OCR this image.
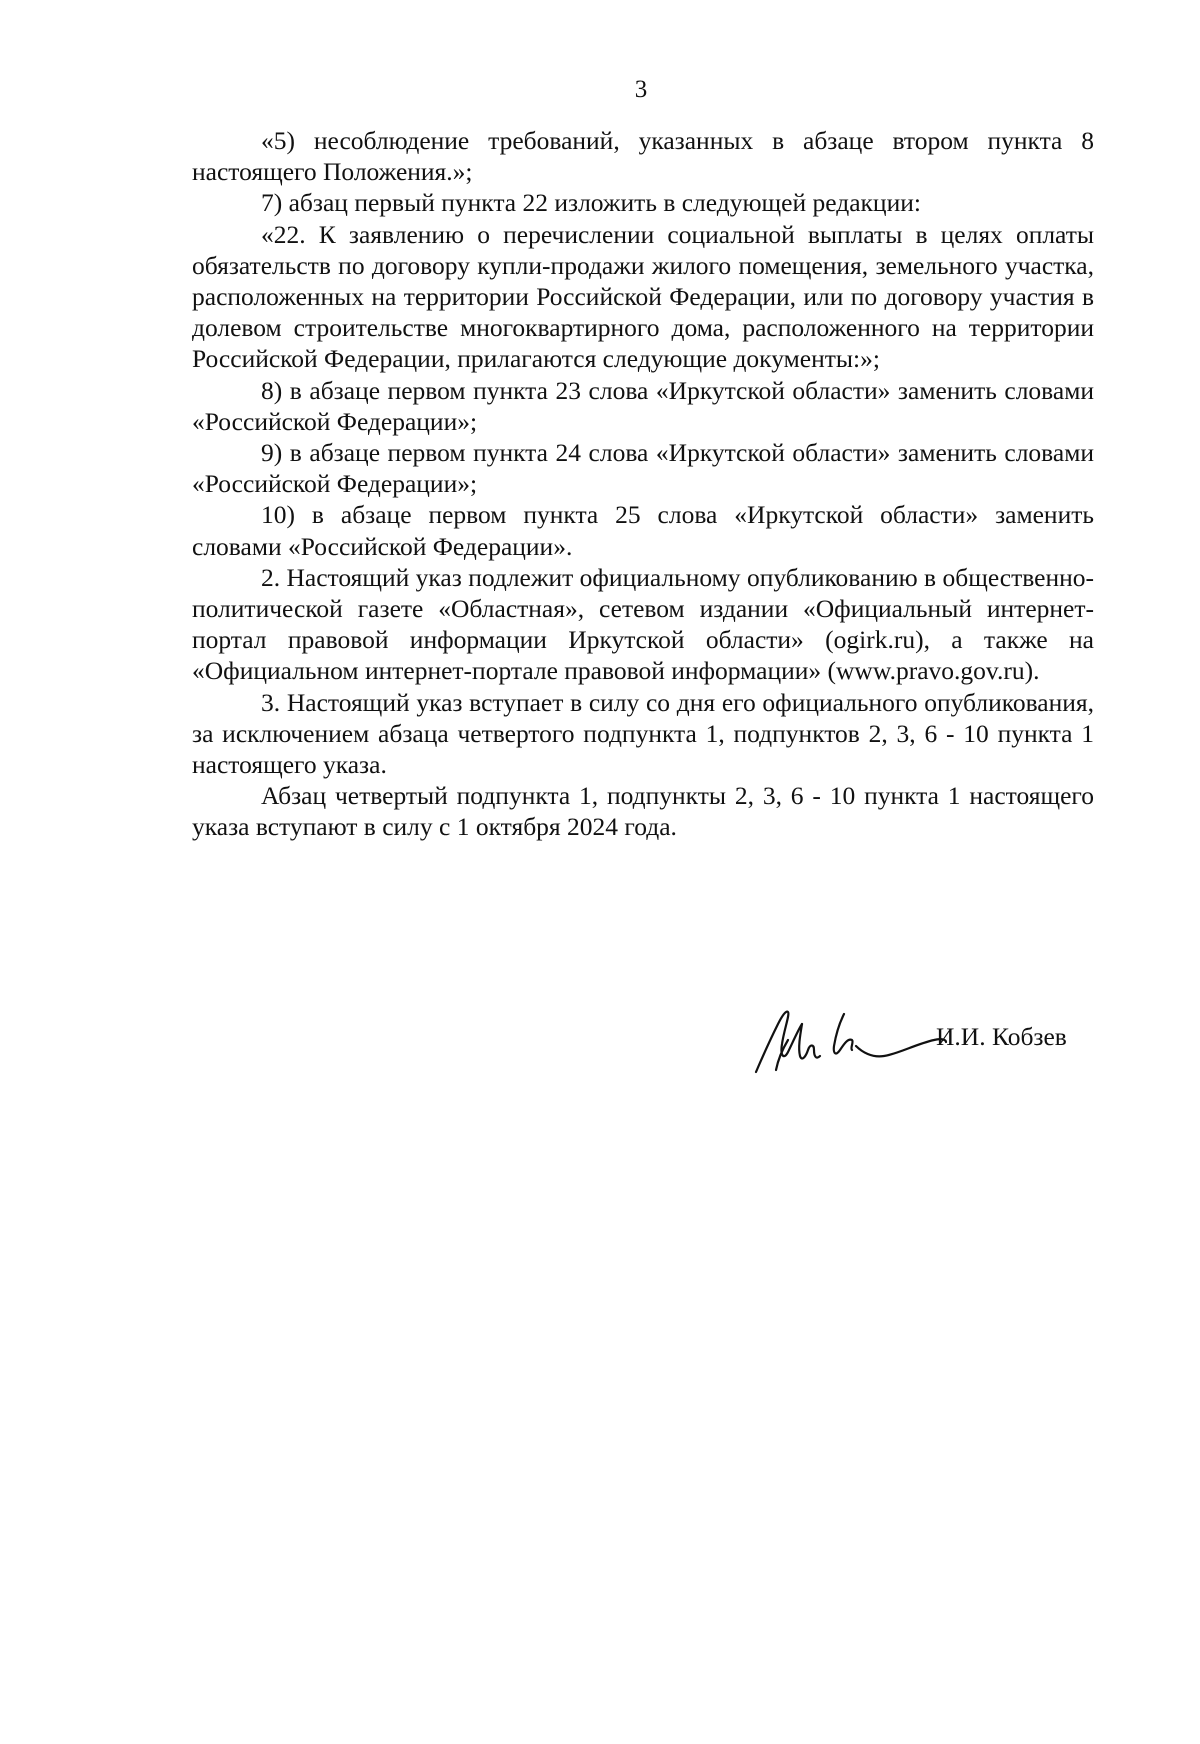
3

«5) несоблюдение требований, указанных в абзаце втором пункта 8 настоящего Положения.»;

7) абзац первый пункта 22 изложить в следующей редакции:

«22. К заявлению о перечислении социальной выплаты в целях оплаты обязательств по договору купли-продажи жилого помещения, земельного участка, расположенных на территории Российской Федерации, или по договору участия в долевом строительстве многоквартирного дома, расположенного на территории Российской Федерации, прилагаются следующие документы:»;

8) в абзаце первом пункта 23 слова «Иркутской области» заменить словами «Российской Федерации»;

9) в абзаце первом пункта 24 слова «Иркутской области» заменить словами «Российской Федерации»;

10) в абзаце первом пункта 25 слова «Иркутской области» заменить словами «Российской Федерации».

2. Настоящий указ подлежит официальному опубликованию в общественно-политической газете «Областная», сетевом издании «Официальный интернет-портал правовой информации Иркутской области» (ogirk.ru), а также на «Официальном интернет-портале правовой информации» (www.pravo.gov.ru).

3. Настоящий указ вступает в силу со дня его официального опубликования, за исключением абзаца четвертого подпункта 1, подпунктов 2, 3, 6 - 10 пункта 1 настоящего указа.

Абзац четвертый подпункта 1, подпункты 2, 3, 6 - 10 пункта 1 настоящего указа вступают в силу с 1 октября 2024 года.

И.И. Кобзев
